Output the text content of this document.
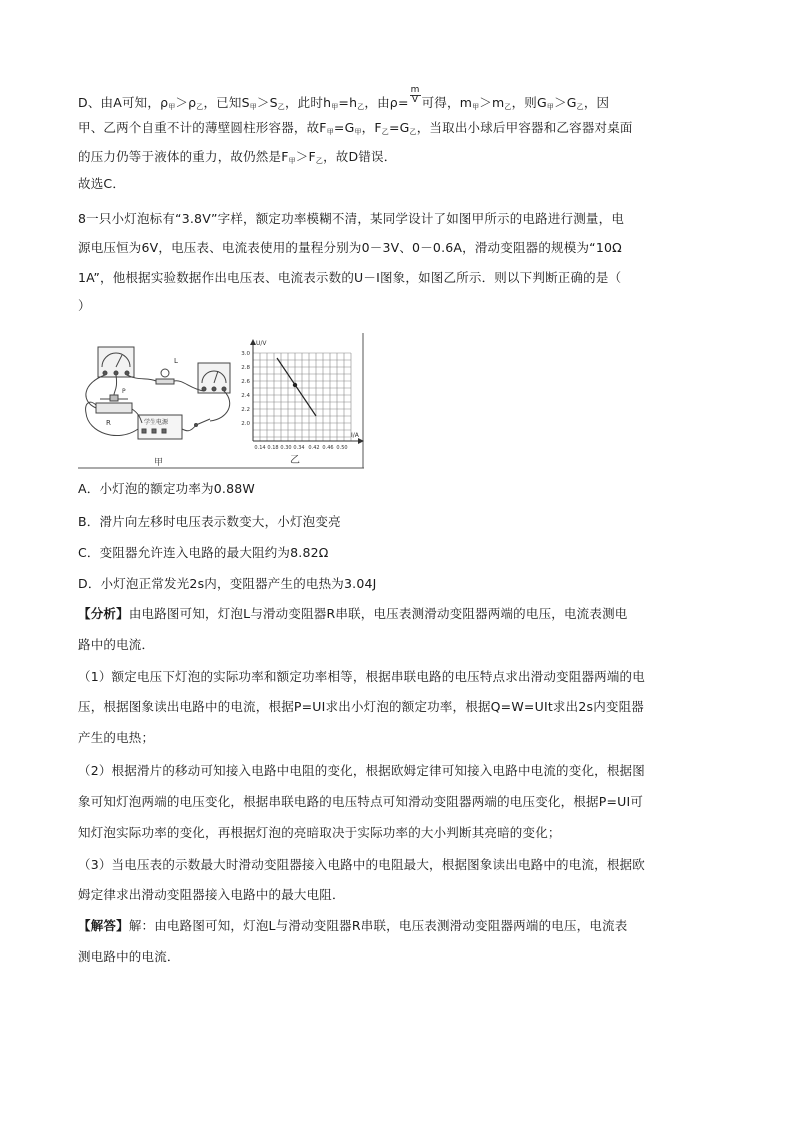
D、由A可知，$\rho_甲>\rho_乙$，已知$S_甲>S_乙$，此时$h_甲=h_乙$，由$\rho= \frac{m}{V}$ 可得，$m_甲>m_乙$，则$G_甲>G_乙$，因
甲、乙两个自重不计的薄壁圆柱形容器，故$F_甲=G_甲$，$F_乙=G_乙$，当取出小球后甲容器和乙容器对桌面
的压力仍等于液体的重力，故仍然是$F_甲>F_乙$，故D错误．
故选C．
8一只小灯泡标有“3.8V”字样，额定功率模糊不清，某同学设计了如图甲所示的电路进行测量，电
源电压恒为6V，电压表、电流表使用的量程分别为0－3V、0－0.6A，滑动变阻器的规模为“10Ω
1A”，他根据实验数据作出电压表、电流表示数的U－I图象，如图乙所示．则以下判断正确的是（
）
L
R
P
学生电源
甲
U/V
I/A
3.0
2.8
2.6
2.4
2.2
2.0
0.14 0.18 0.30 0.34 0.42 0.46 0.50
乙
A．小灯泡的额定功率为0.88W
B．滑片向左移时电压表示数变大，小灯泡变亮
C．变阻器允许连入电路的最大阻约为8.82Ω
D．小灯泡正常发光2s内，变阻器产生的电热为3.04J
【分析】由电路图可知，灯泡L与滑动变阻器R串联，电压表测滑动变阻器两端的电压，电流表测电
路中的电流．
（1）额定电压下灯泡的实际功率和额定功率相等，根据串联电路的电压特点求出滑动变阻器两端的电
压，根据图象读出电路中的电流，根据P=UI求出小灯泡的额定功率，根据Q=W=UIt求出2s内变阻器
产生的电热；
（2）根据滑片的移动可知接入电路中电阻的变化，根据欧姆定律可知接入电路中电流的变化，根据图
象可知灯泡两端的电压变化，根据串联电路的电压特点可知滑动变阻器两端的电压变化，根据P=UI可
知灯泡实际功率的变化，再根据灯泡的亮暗取决于实际功率的大小判断其亮暗的变化；
（3）当电压表的示数最大时滑动变阻器接入电路中的电阻最大，根据图象读出电路中的电流，根据欧
姆定律求出滑动变阻器接入电路中的最大电阻．
【解答】解：由电路图可知，灯泡L与滑动变阻器R串联，电压表测滑动变阻器两端的电压，电流表
测电路中的电流．
